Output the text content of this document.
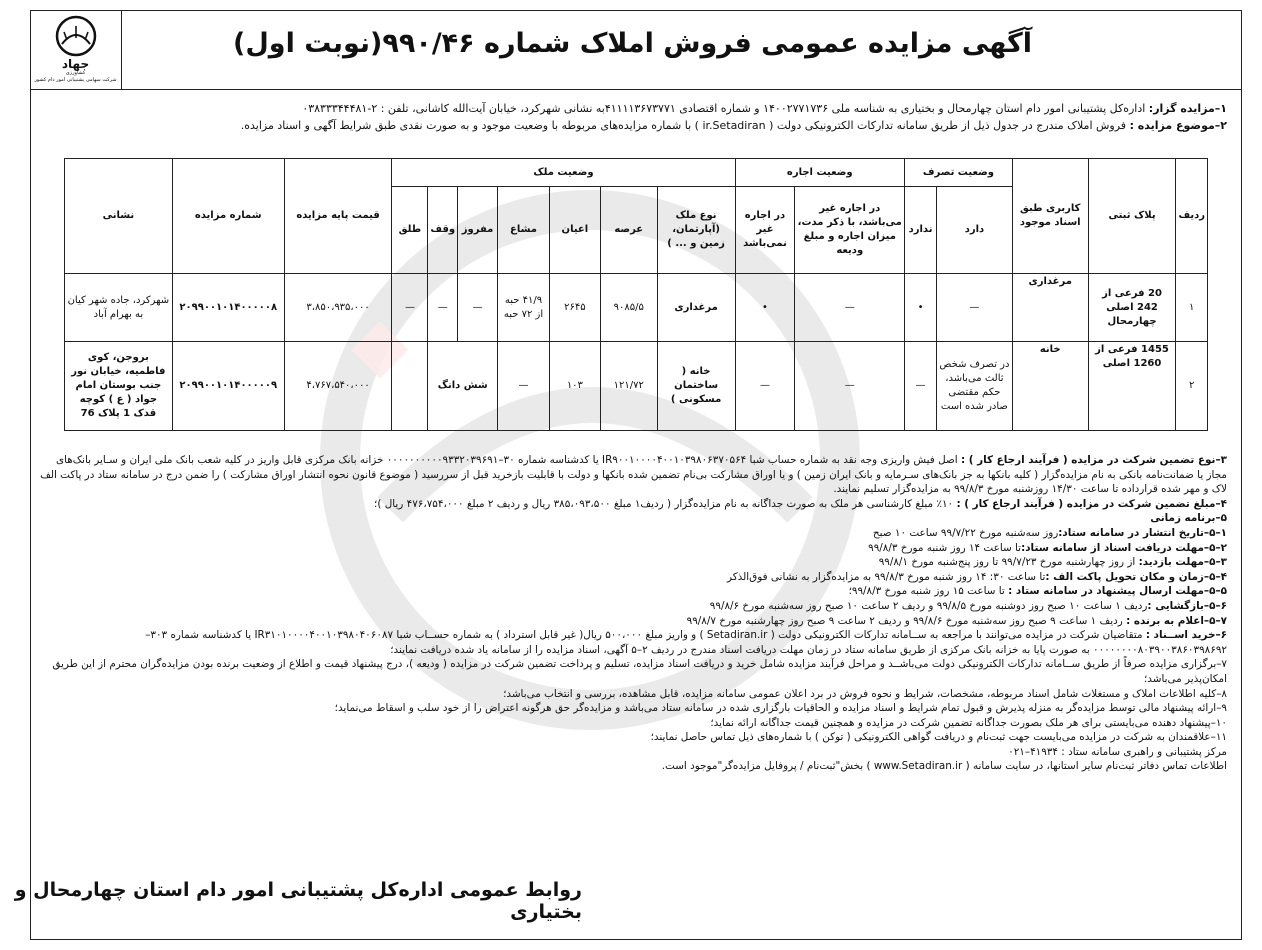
جهاد
کشاورزی
شرکت سهامی پشتیبانی امور دام کشور
آگهی مزایده عمومی فروش املاک شماره ۹۹۰/۴۶(نوبت اول)

۱–مزایده گزار: اداره‌کل پشتیبانی امور دام استان چهارمحال و بختیاری به شناسه ملی ۱۴۰۰۲۷۷۱۷۳۶ و شماره اقتصادی ۴۱۱۱۱۳۶۷۳۷۷۱به نشانی شهرکرد، خیابان آیت‌الله کاشانی، تلفن : ۲-۰۳۸۳۳۳۴۴۴۸۱

۲–موضوع مزایده : فروش املاک مندرج در جدول ذیل از طریق سامانه تدارکات الکترونیکی دولت ( ir.Setadiran ) با شماره مزایده‌های مربوطه با وضعیت موجود و به صورت نقدی طبق شرایط آگهی و اسناد مزایده.

ردیف	پلاک ثبتی	کاربری طبق اسناد موجود	وضعیت تصرف		وضعیت اجاره		وضعیت ملک							قیمت پایه مزایده	شماره مزایده	نشانی
			دارد	ندارد	در اجاره غیر می‌باشد، با ذکر مدت، میزان اجاره و مبلغ ودیعه	در اجاره غیر نمی‌باشد	نوع ملک (آپارتمان، زمین و ... )	عرصه	اعیان	مشاع	مفروز	وقف	طلق			
۱	20 فرعی از 242 اصلی چهارمحال	مرغداری	—	•	—	•	مرغداری	۹۰۸۵/۵	۲۶۴۵	۴۱/۹ حبه از ۷۲ حبه	—	—	—	۳،۸۵۰،۹۳۵،۰۰۰	۲۰۹۹۰۰۱۰۱۴۰۰۰۰۰۸	شهرکرد، جاده شهر کیان به بهرام آباد
۲	1455 فرعی از 1260 اصلی	خانه	در تصرف شخص ثالث می‌باشد، حکم مقتضی صادر شده است	—	—	—	خانه ( ساختمان مسکونی )	۱۲۱/۷۲	۱۰۳	—	شش دانگ			۴،۷۶۷،۵۴۰،۰۰۰	۲۰۹۹۰۰۱۰۱۴۰۰۰۰۰۹	بروجن، کوی فاطمیه، خیابان نور جنب بوستان امام جواد ( ع ) کوچه قدک 1 پلاک 76

۳–نوع تضمین شرکت در مزایده ( فرآیند ارجاع کار ) : اصل فیش واریزی وجه نقد به شماره حساب شبا IR۹۰۰۱۰۰۰۰۴۰۰۱۰۳۹۸۰۶۳۷۰۵۶۴ یا کدشناسه شماره ۳۰–۰۰۰۰۰۰۰۰۰۰۹۳۳۲۰۳۹۶۹۱ خزانه بانک مرکزی قابل واریز در کلیه شعب بانک ملی ایران و سـایر بانک‌های مجاز یا ضمانت‌نامه بانکی به نام مزایده‌گزار ( کلیه بانکها به جز بانک‌های سـرمایه و بانک ایران زمین ) و یا اوراق مشارکت بی‌نام تضمین شده بانکها و دولت با قابلیت بازخرید قبل از سررسید ( موضوع قانون نحوه انتشار اوراق مشارکت ) را ضمن درج در سامانه ستاد در پاکت الف لاک و مهر شده قرارداده تا ساعت ۱۴/۳۰ روزشنبه مورخ ۹۹/۸/۳ به مزایده‌گزار تسلیم نمایند.

۴–مبلغ تضمین شرکت در مزایده ( فرآیند ارجاع کار ) : ۱۰٪ مبلغ کارشناسی هر ملک به صورت جداگانه به نام مزایده‌گزار ( ردیف۱ مبلغ ۳۸۵،۰۹۳،۵۰۰ ریال و ردیف ۲ مبلغ ۴۷۶،۷۵۴،۰۰۰ ریال )؛

۵–برنامه زمانی

۱–۵–تاریخ انتشار در سامانه ستاد:روز سه‌شنبه مورخ ۹۹/۷/۲۲ ساعت ۱۰ صبح

۲–۵–مهلت دریافت اسناد از سامانه ستاد:تا ساعت ۱۴ روز شنبه مورخ ۹۹/۸/۳

۳–۵–مهلت بازدید: از روز چهارشنبه مورخ ۹۹/۷/۲۳ تا روز پنج‌شنبه مورخ ۹۹/۸/۱

۴–۵–زمان و مکان تحویل پاکت الف :تا ساعت ۳۰: ۱۴ روز شنبه مورخ ۹۹/۸/۳ به مزایده‌گزار به نشانی فوق‌الذکر

۵–۵–مهلت ارسال پیشنهاد در سامانه ستاد : تا ساعت ۱۵ روز شنبه مورخ ۹۹/۸/۳؛

۶–۵–بازگشایی :ردیف ۱ ساعت ۱۰ صبح روز دوشنبه مورخ ۹۹/۸/۵ و ردیف ۲ ساعت ۱۰ صبح روز سه‌شنبه مورخ ۹۹/۸/۶

۷–۵–اعلام به برنده : ردیف ۱ ساعت ۹ صبح روز سه‌شنبه مورخ ۹۹/۸/۶ و ردیف ۲ ساعت ۹ صبح روز چهارشنبه مورخ ۹۹/۸/۷

۶–خرید اســناد : متقاضیان شرکت در مزایده می‌توانند با مراجعه به ســامانه تدارکات الکترونیکی دولت ( Setadiran.ir ) و واریز مبلغ ۵۰۰،۰۰۰ ریال( غیر قابل استرداد ) به شماره حســاب شبا IR۳۱۰۱۰۰۰۰۴۰۰۱۰۳۹۸۰۴۰۶۰۸۷ یا کدشناسه شماره ۳۰۳–۰۰۰۰۰۰۰۰۸۰۳۹۰۰۳۸۶۰۳۹۸۶۹۲ به صورت پایا به خزانه بانک مرکزی از طریق سامانه ستاد در زمان مهلت دریافت اسناد مندرج در ردیف ۲–۵ آگهی، اسناد مزایده را از سامانه یاد شده دریافت نمایند؛

۷–برگزاری مزایده صرفاً از طریق ســامانه تدارکات الکترونیکی دولت می‌باشــد و مراحل فرآیند مزایده شامل خرید و دریافت اسناد مزایده، تسلیم و پرداخت تضمین شرکت در مزایده ( ودیعه )، درج پیشنهاد قیمت و اطلاع از وضعیت برنده بودن مزایده‌گران محترم از این طریق امکان‌پذیر می‌باشد؛

۸–کلیه اطلاعات املاک و مستغلات شامل اسناد مربوطه، مشخصات، شرایط و نحوه فروش در برد اعلان عمومی سامانه مزایده، قابل مشاهده، بررسی و انتخاب می‌باشد؛

۹–ارائه پیشنهاد مالی توسط مزایده‌گر به منزله پذیرش و قبول تمام شرایط و اسناد مزایده و الحاقیات بارگزاری شده در سامانه ستاد می‌باشد و مزایده‌گر حق هرگونه اعتراض را از خود سلب و اسقاط می‌نماید؛

۱۰–پیشنهاد دهنده می‌بایستی برای هر ملک بصورت جداگانه تضمین شرکت در مزایده و همچنین قیمت جداگانه ارائه نماید؛

۱۱–علاقمندان به شرکت در مزایده می‌بایست جهت ثبت‌نام و دریافت گواهی الکترونیکی ( توکن ) با شماره‌های ذیل تماس حاصل نمایند؛

مرکز پشتیبانی و راهبری سامانه ستاد : ۴۱۹۳۴–۰۲۱

اطلاعات تماس دفاتر ثبت‌نام سایر استانها، در سایت سامانه ( www.Setadiran.ir ) بخش"ثبت‌نام / پروفایل مزایده‌گر"موجود است.

روابط عمومی اداره‌کل پشتیبانی امور دام استان چهارمحال و بختیاری
